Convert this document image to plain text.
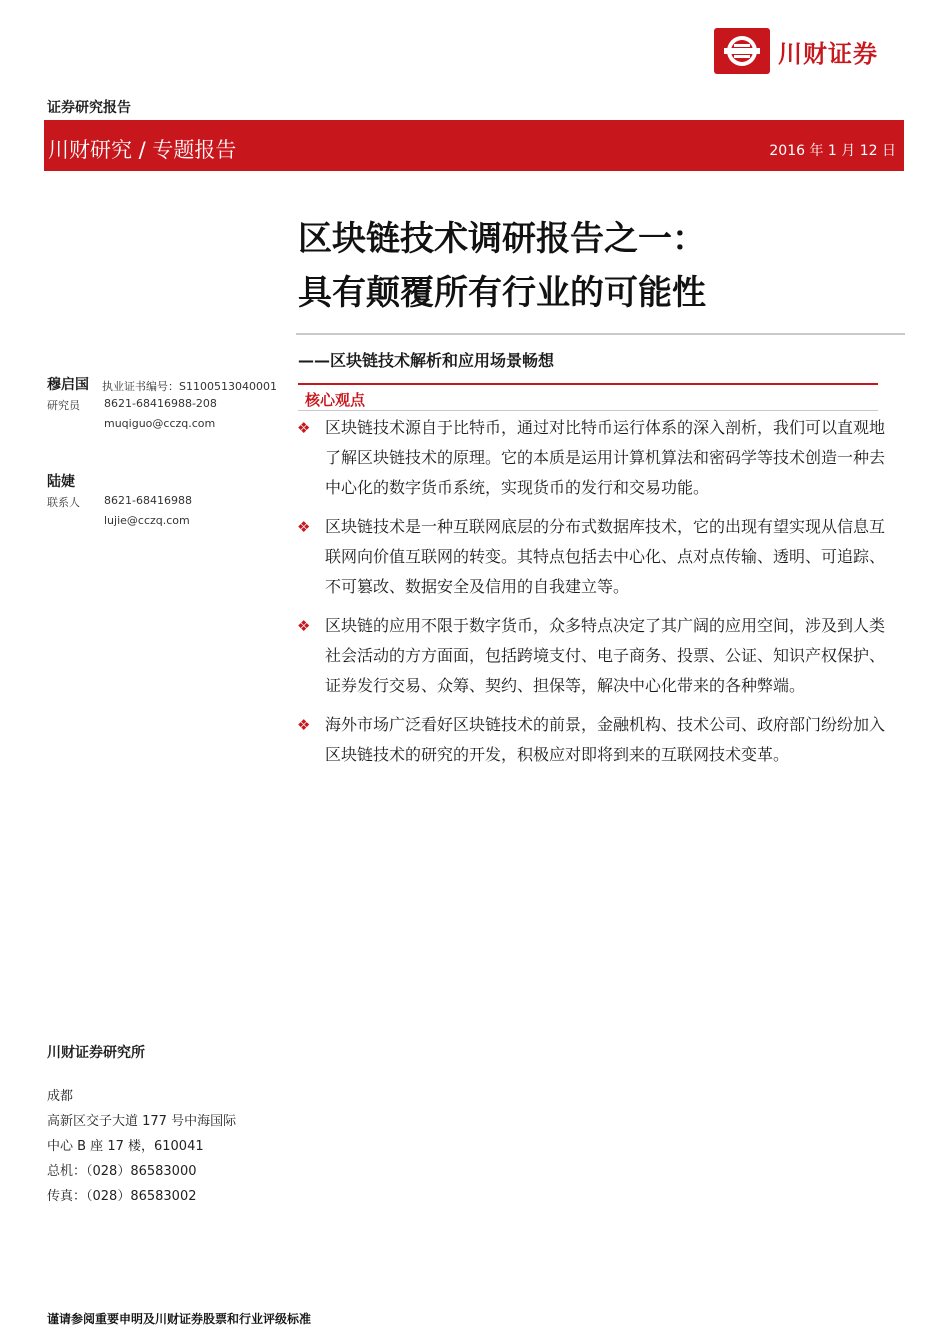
川财证券
证券研究报告
川财研究 / 专题报告	2016 年 1 月 12 日
区块链技术调研报告之一：
具有颠覆所有行业的可能性
——区块链技术解析和应用场景畅想
穆启国 执业证书编号：S1100513040001
研究员 8621-68416988-208
muqiguo@cczq.com
陆婕
联系人 8621-68416988
lujie@cczq.com
核心观点
❖ 区块链技术源自于比特币，通过对比特币运行体系的深入剖析，我们可以直观地了解区块链技术的原理。它的本质是运用计算机算法和密码学等技术创造一种去中心化的数字货币系统，实现货币的发行和交易功能。
❖ 区块链技术是一种互联网底层的分布式数据库技术，它的出现有望实现从信息互联网向价值互联网的转变。其特点包括去中心化、点对点传输、透明、可追踪、不可篡改、数据安全及信用的自我建立等。
❖ 区块链的应用不限于数字货币，众多特点决定了其广阔的应用空间，涉及到人类社会活动的方方面面，包括跨境支付、电子商务、投票、公证、知识产权保护、证券发行交易、众筹、契约、担保等，解决中心化带来的各种弊端。
❖ 海外市场广泛看好区块链技术的前景，金融机构、技术公司、政府部门纷纷加入区块链技术的研究的开发，积极应对即将到来的互联网技术变革。
川财证券研究所
成都
高新区交子大道 177 号中海国际
中心 B 座 17 楼，610041
总机：（028）86583000
传真：（028）86583002
谨请参阅重要申明及川财证券股票和行业评级标准
